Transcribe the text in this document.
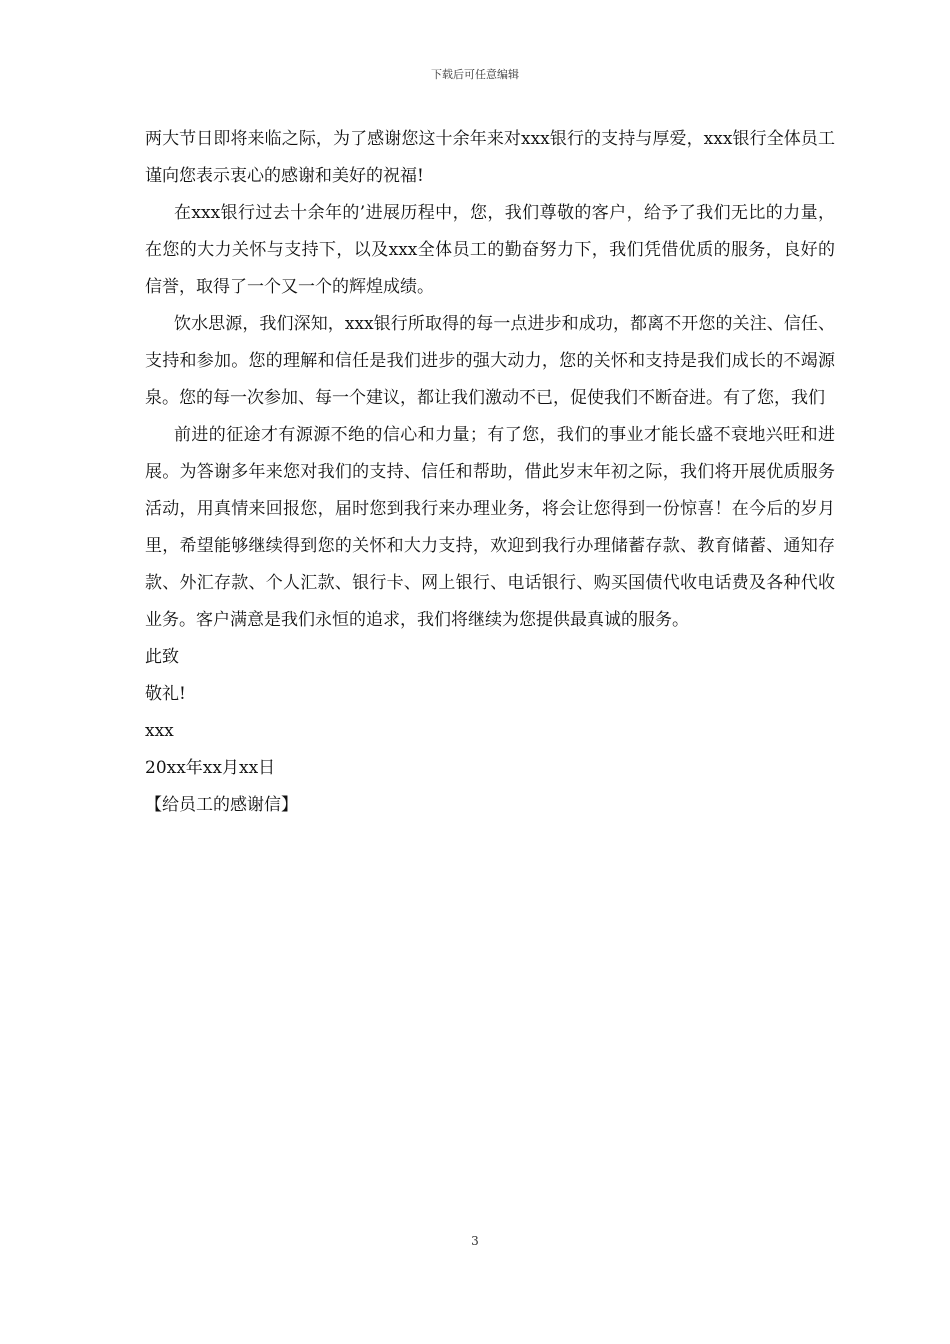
下载后可任意编辑

两大节日即将来临之际，为了感谢您这十余年来对xxx银行的支持与厚爱，xxx银行全体员工谨向您表示衷心的感谢和美好的祝福!

在xxx银行过去十余年的’进展历程中，您，我们尊敬的客户，给予了我们无比的力量，在您的大力关怀与支持下，以及xxx全体员工的勤奋努力下，我们凭借优质的服务，良好的信誉，取得了一个又一个的辉煌成绩。

饮水思源，我们深知，xxx银行所取得的每一点进步和成功，都离不开您的关注、信任、支持和参加。您的理解和信任是我们进步的强大动力，您的关怀和支持是我们成长的不竭源泉。您的每一次参加、每一个建议，都让我们激动不已，促使我们不断奋进。有了您，我们

前进的征途才有源源不绝的信心和力量；有了您，我们的事业才能长盛不衰地兴旺和进展。为答谢多年来您对我们的支持、信任和帮助，借此岁末年初之际，我们将开展优质服务活动，用真情来回报您，届时您到我行来办理业务，将会让您得到一份惊喜！在今后的岁月里，希望能够继续得到您的关怀和大力支持，欢迎到我行办理储蓄存款、教育储蓄、通知存款、外汇存款、个人汇款、银行卡、网上银行、电话银行、购买国债代收电话费及各种代收业务。客户满意是我们永恒的追求，我们将继续为您提供最真诚的服务。

此致

敬礼!

xxx

20xx年xx月xx日

【给员工的感谢信】

3
